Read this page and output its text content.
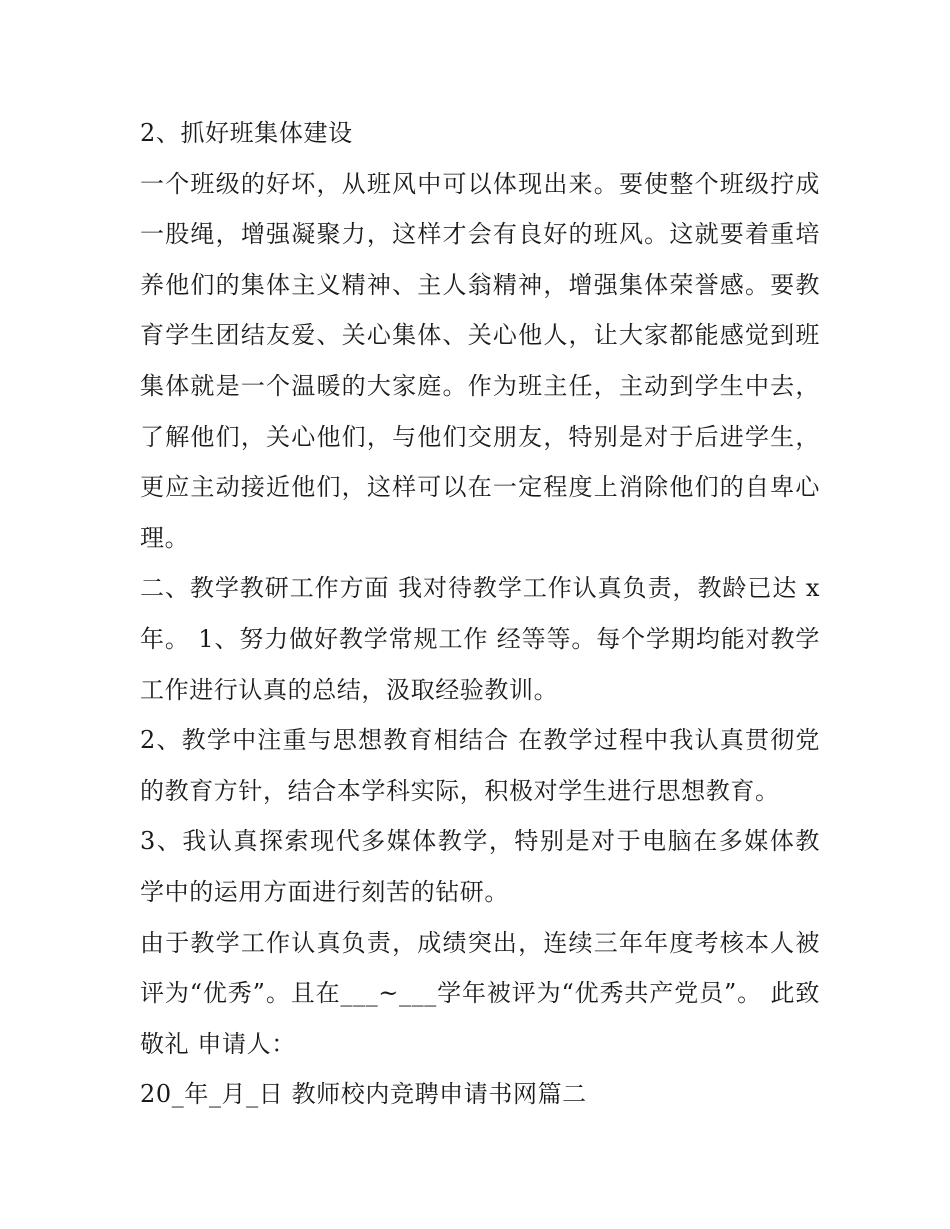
2、抓好班集体建设

一个班级的好坏，从班风中可以体现出来。要使整个班级拧成一股绳，增强凝聚力，这样才会有良好的班风。这就要着重培养他们的集体主义精神、主人翁精神，增强集体荣誉感。要教育学生团结友爱、关心集体、关心他人，让大家都能感觉到班集体就是一个温暖的大家庭。作为班主任，主动到学生中去，了解他们，关心他们，与他们交朋友，特别是对于后进学生，更应主动接近他们，这样可以在一定程度上消除他们的自卑心理。

二、教学教研工作方面 我对待教学工作认真负责，教龄已达 x 年。 1、努力做好教学常规工作 经等等。每个学期均能对教学工作进行认真的总结，汲取经验教训。

2、教学中注重与思想教育相结合 在教学过程中我认真贯彻党的教育方针，结合本学科实际，积极对学生进行思想教育。

3、我认真探索现代多媒体教学，特别是对于电脑在多媒体教学中的运用方面进行刻苦的钻研。

由于教学工作认真负责，成绩突出，连续三年年度考核本人被评为“优秀”。且在___~___学年被评为“优秀共产党员”。 此致敬礼 申请人：

20_年_月_日 教师校内竞聘申请书网篇二
